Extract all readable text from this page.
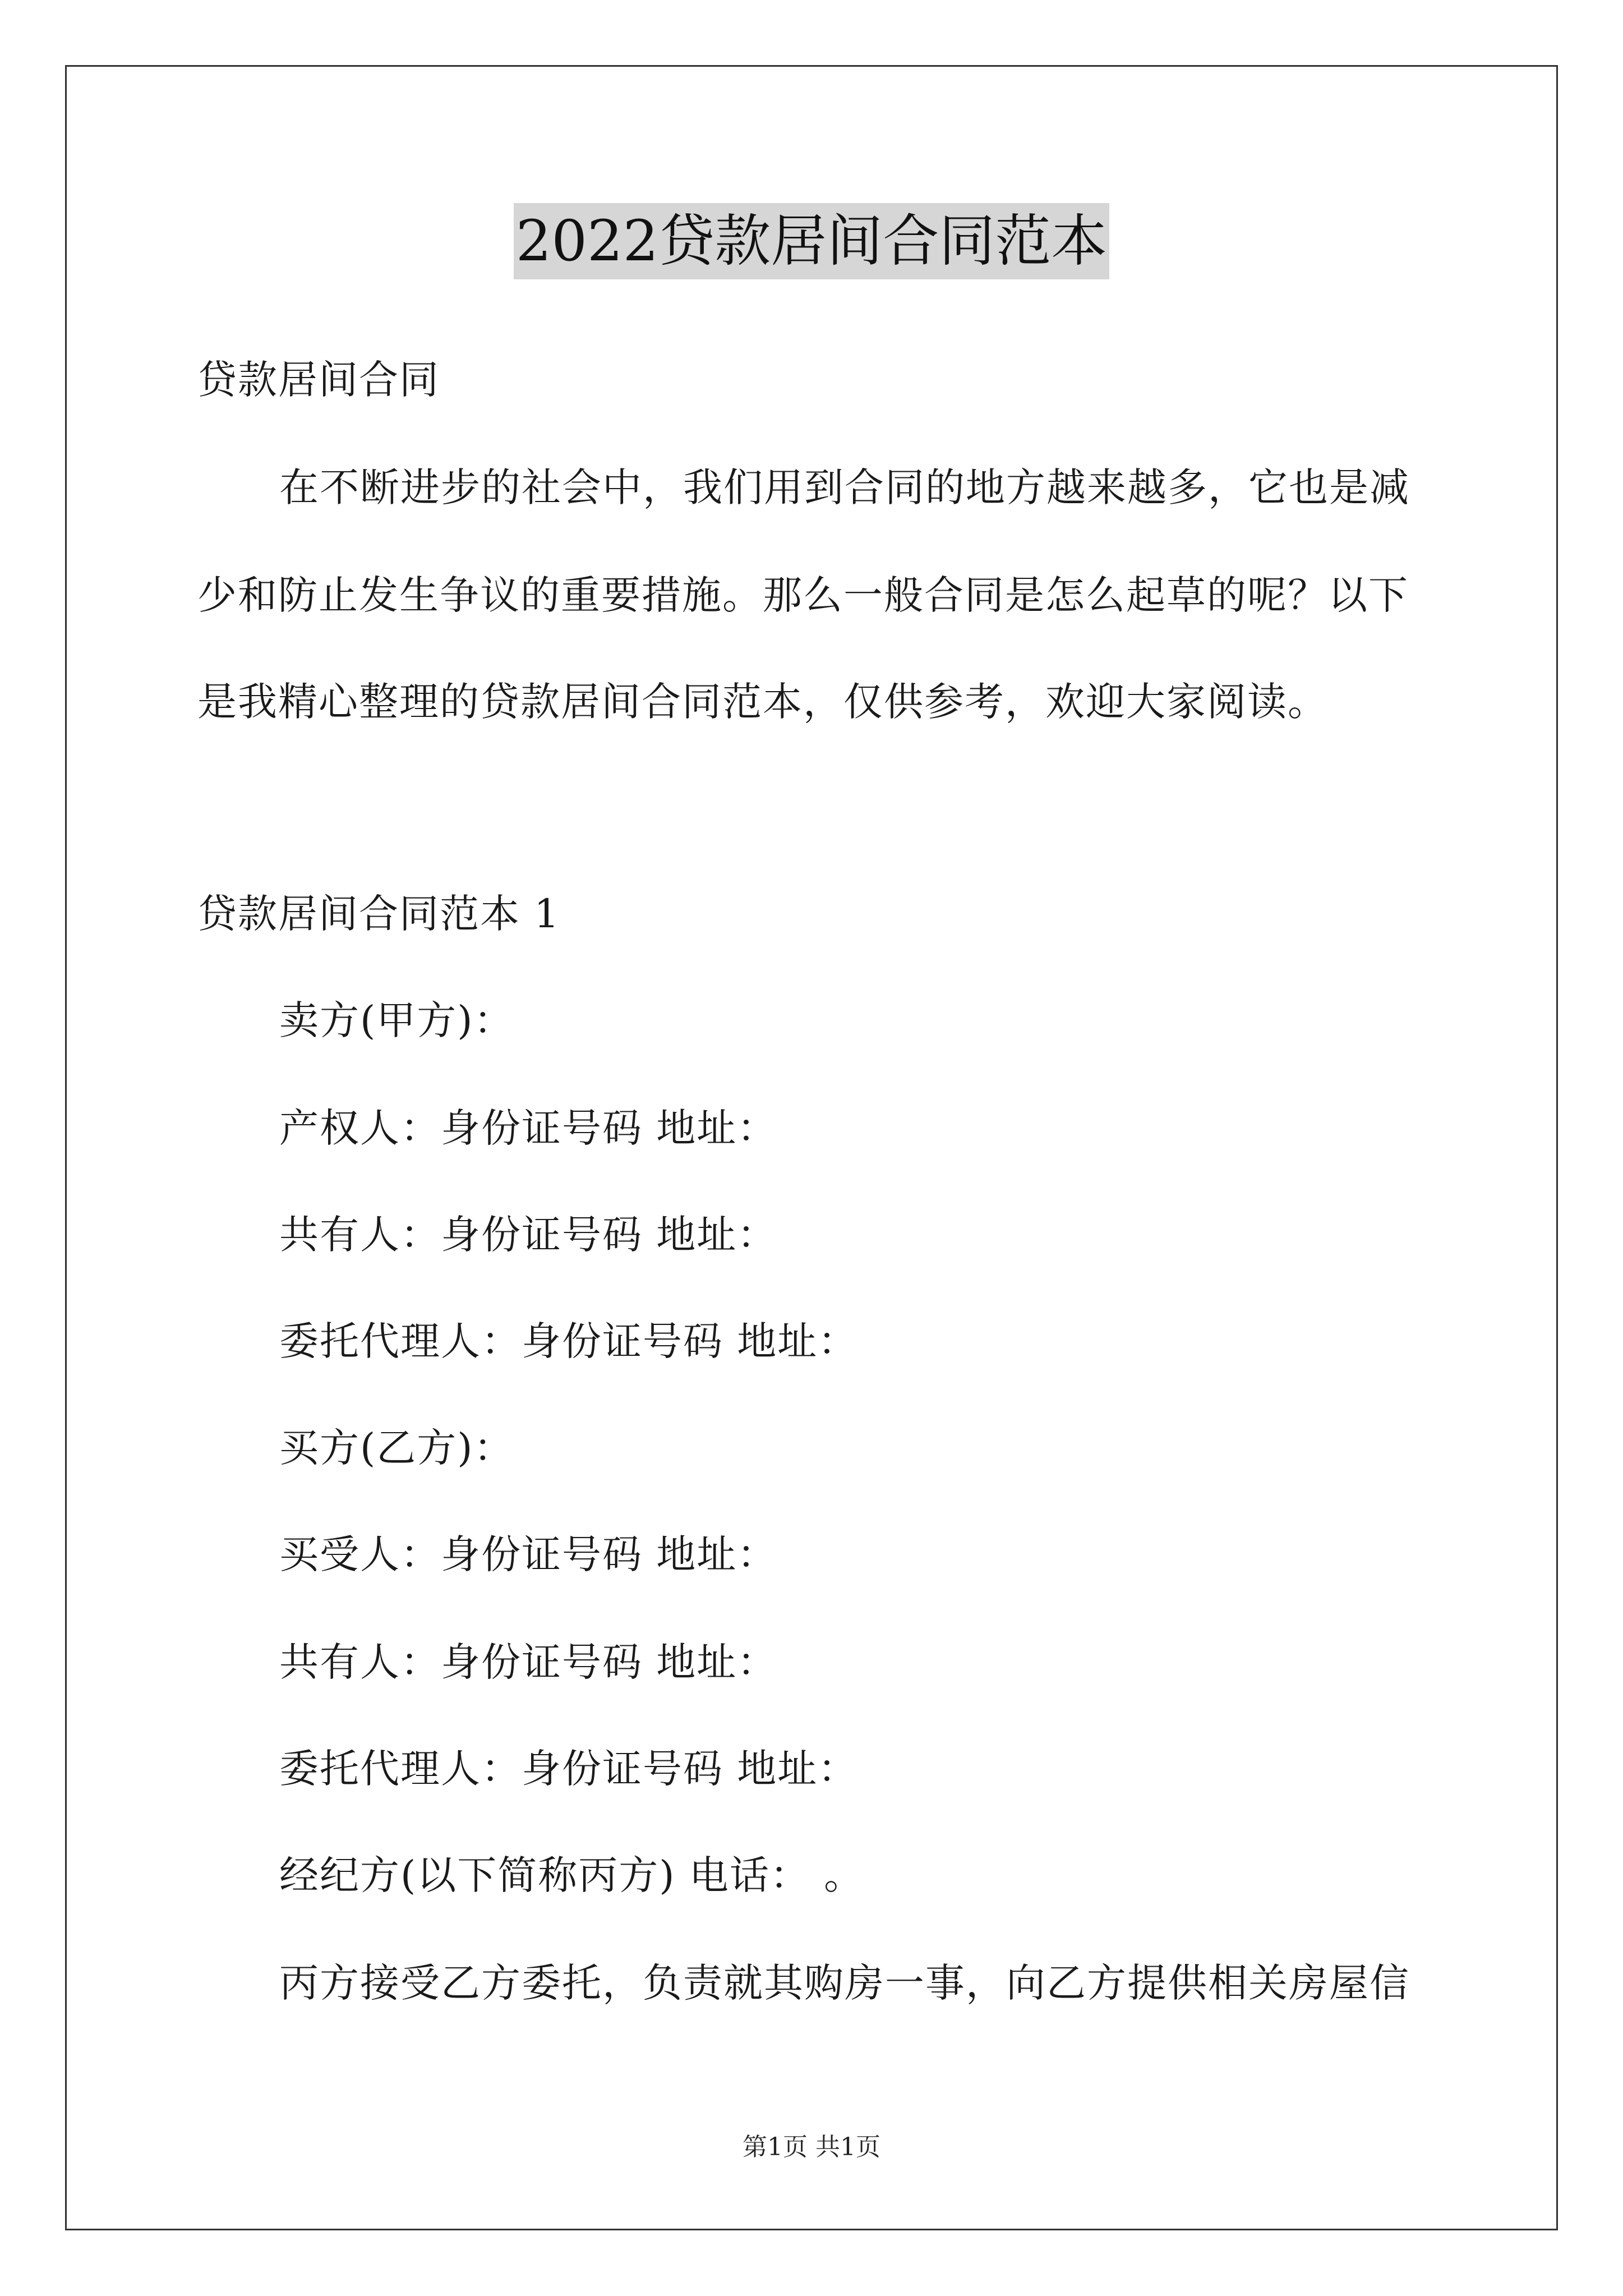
2022贷款居间合同范本
贷款居间合同
在不断进步的社会中，我们用到合同的地方越来越多，它也是减
少和防止发生争议的重要措施。那么一般合同是怎么起草的呢？以下
是我精心整理的贷款居间合同范本，仅供参考，欢迎大家阅读。
贷款居间合同范本 1
卖方(甲方)：
产权人：身份证号码 地址：
共有人：身份证号码 地址：
委托代理人：身份证号码 地址：
买方(乙方)：
买受人：身份证号码 地址：
共有人：身份证号码 地址：
委托代理人：身份证号码 地址：
经纪方(以下简称丙方) 电话： 。
丙方接受乙方委托，负责就其购房一事，向乙方提供相关房屋信
第1页 共1页
